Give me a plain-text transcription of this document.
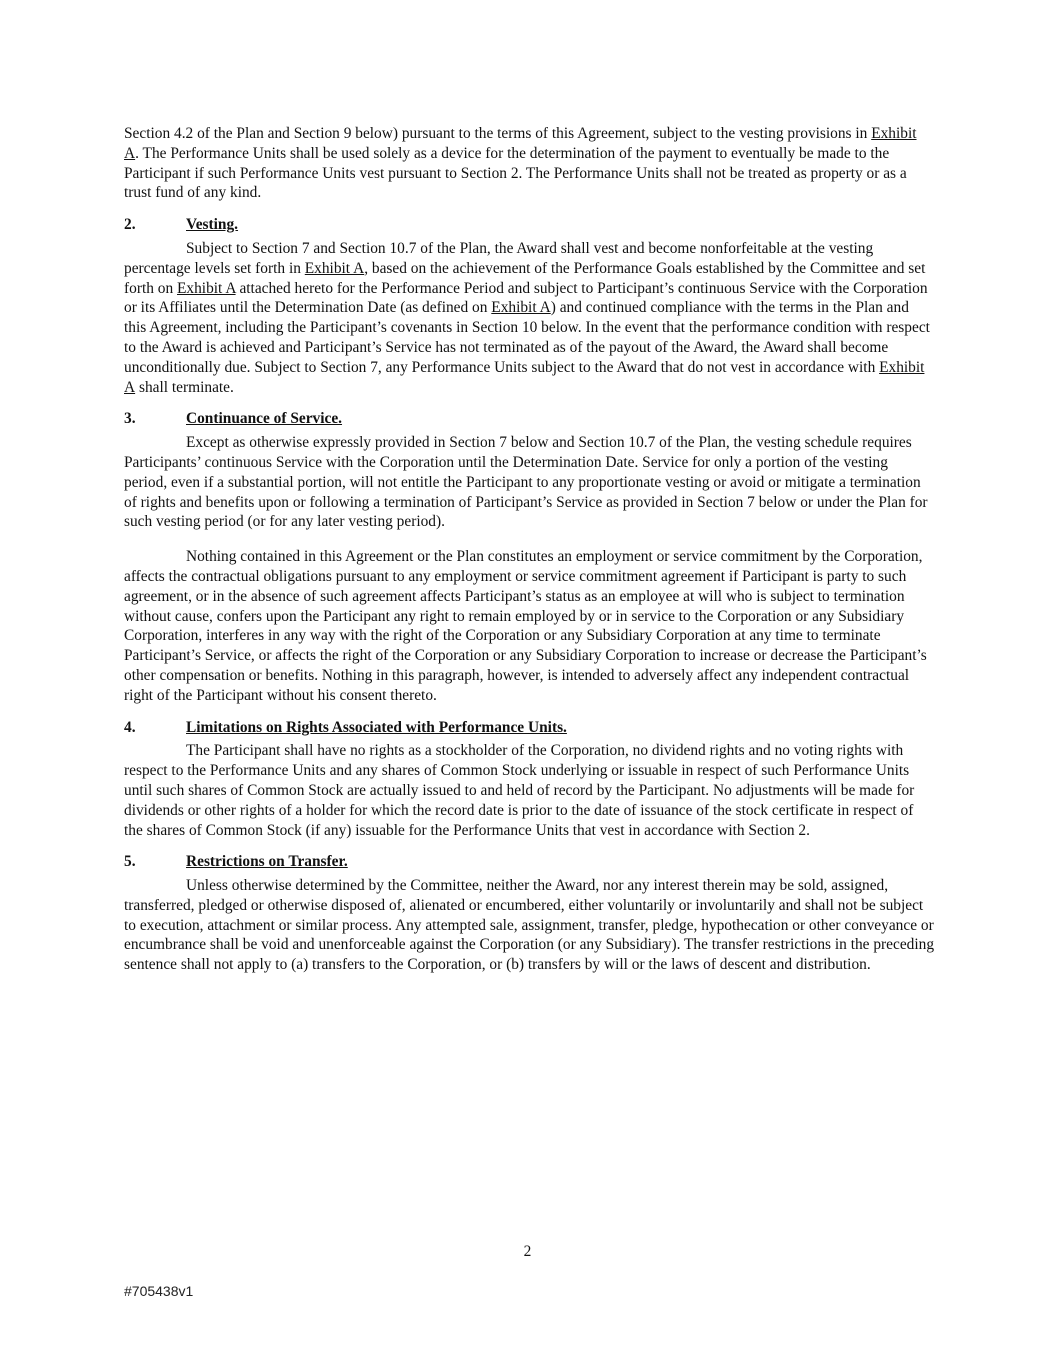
Section 4.2 of the Plan and Section 9 below) pursuant to the terms of this Agreement, subject to the vesting provisions in Exhibit A. The Performance Units shall be used solely as a device for the determination of the payment to eventually be made to the Participant if such Performance Units vest pursuant to Section 2. The Performance Units shall not be treated as property or as a trust fund of any kind.

2.	Vesting.

Subject to Section 7 and Section 10.7 of the Plan, the Award shall vest and become nonforfeitable at the vesting percentage levels set forth in Exhibit A, based on the achievement of the Performance Goals established by the Committee and set forth on Exhibit A attached hereto for the Performance Period and subject to Participant’s continuous Service with the Corporation or its Affiliates until the Determination Date (as defined on Exhibit A) and continued compliance with the terms in the Plan and this Agreement, including the Participant’s covenants in Section 10 below. In the event that the performance condition with respect to the Award is achieved and Participant’s Service has not terminated as of the payout of the Award, the Award shall become unconditionally due. Subject to Section 7, any Performance Units subject to the Award that do not vest in accordance with Exhibit A shall terminate.

3.	Continuance of Service.

Except as otherwise expressly provided in Section 7 below and Section 10.7 of the Plan, the vesting schedule requires Participants’ continuous Service with the Corporation until the Determination Date. Service for only a portion of the vesting period, even if a substantial portion, will not entitle the Participant to any proportionate vesting or avoid or mitigate a termination of rights and benefits upon or following a termination of Participant’s Service as provided in Section 7 below or under the Plan for such vesting period (or for any later vesting period).

Nothing contained in this Agreement or the Plan constitutes an employment or service commitment by the Corporation, affects the contractual obligations pursuant to any employment or service commitment agreement if Participant is party to such agreement, or in the absence of such agreement affects Participant’s status as an employee at will who is subject to termination without cause, confers upon the Participant any right to remain employed by or in service to the Corporation or any Subsidiary Corporation, interferes in any way with the right of the Corporation or any Subsidiary Corporation at any time to terminate Participant’s Service, or affects the right of the Corporation or any Subsidiary Corporation to increase or decrease the Participant’s other compensation or benefits. Nothing in this paragraph, however, is intended to adversely affect any independent contractual right of the Participant without his consent thereto.

4.	Limitations on Rights Associated with Performance Units.

The Participant shall have no rights as a stockholder of the Corporation, no dividend rights and no voting rights with respect to the Performance Units and any shares of Common Stock underlying or issuable in respect of such Performance Units until such shares of Common Stock are actually issued to and held of record by the Participant. No adjustments will be made for dividends or other rights of a holder for which the record date is prior to the date of issuance of the stock certificate in respect of the shares of Common Stock (if any) issuable for the Performance Units that vest in accordance with Section 2.

5.	Restrictions on Transfer.

Unless otherwise determined by the Committee, neither the Award, nor any interest therein may be sold, assigned, transferred, pledged or otherwise disposed of, alienated or encumbered, either voluntarily or involuntarily and shall not be subject to execution, attachment or similar process. Any attempted sale, assignment, transfer, pledge, hypothecation or other conveyance or encumbrance shall be void and unenforceable against the Corporation (or any Subsidiary). The transfer restrictions in the preceding sentence shall not apply to (a) transfers to the Corporation, or (b) transfers by will or the laws of descent and distribution.

2
#705438v1
